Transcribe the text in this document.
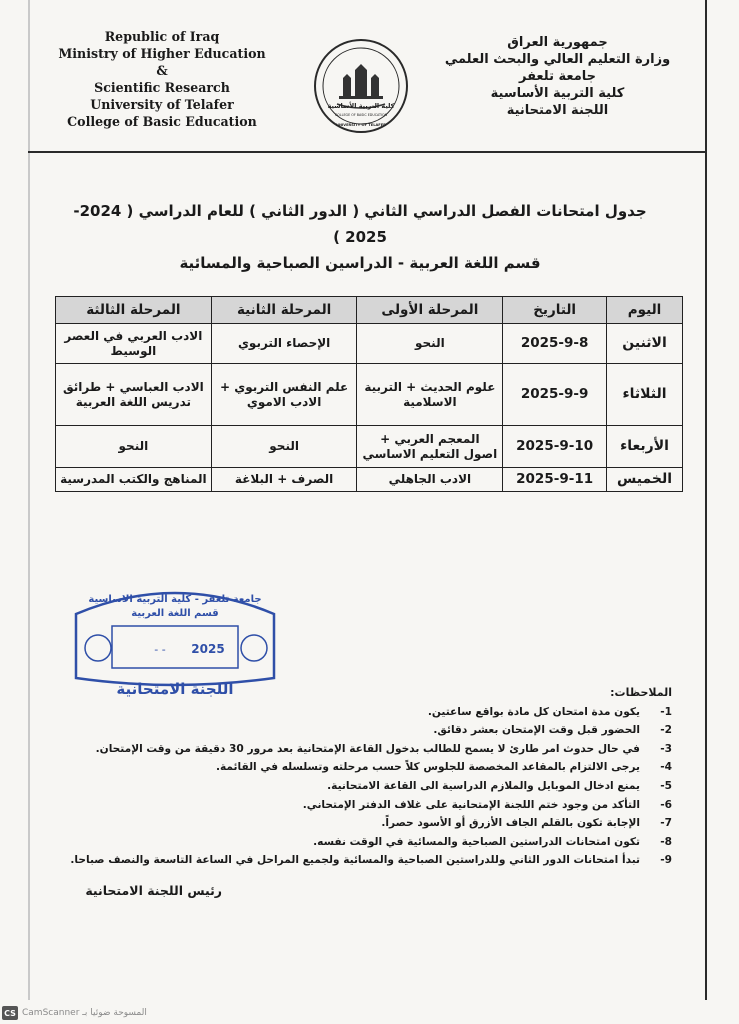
Republic of Iraq
Ministry of Higher Education &
Scientific Research
University of Telafer
College of Basic Education
كلية التربية الأساسية
COLLEGE OF BASIC EDUCATION
UNIVERSITY OF TELAFER
جمهورية العراق
وزارة التعليم العالي والبحث العلمي
جامعة تلعفر
كلية التربية الأساسية
اللجنة الامتحانية
جدول امتحانات الفصل الدراسي الثاني ( الدور الثاني ) للعام الدراسي ( 2024- 2025 )
قسم اللغة العربية - الدراسين الصباحية والمسائية
اليوم	التاريخ	المرحلة الأولى	المرحلة الثانية	المرحلة الثالثة
الاثنين	2025-9-8	النحو	الإحصاء التربوي	الادب العربي في العصر الوسيط
الثلاثاء	2025-9-9	علوم الحديث + التربية الاسلامية	علم النفس التربوي + الادب الاموي	الادب العباسي + طرائق تدريس اللغة العربية
الأربعاء	2025-9-10	المعجم العربي + اصول التعليم الاساسي	النحو	النحو
الخميس	2025-9-11	الادب الجاهلي	الصرف + البلاغة	المناهج والكتب المدرسية
جامعة تلعفر - كلية التربية الاساسية
قسم اللغة العربية
- - 2025
اللجنة الامتحانية	الملاحظات:
-1
يكون مدة امتحان كل مادة بواقع ساعتين.
-2
الحضور قبل وقت الإمتحان بعشر دقائق.
-3
في حال حدوث امر طارئ لا يسمح للطالب بدخول القاعة الإمتحانية بعد مرور 30 دقيقة من وقت الإمتحان.
-4
يرجى الالتزام بالمقاعد المخصصة للجلوس كلاً حسب مرحلته وتسلسله في القائمة.
-5
يمنع ادخال الموبايل والملازم الدراسية الى القاعة الامتحانية.
-6
التأكد من وجود ختم اللجنة الإمتحانية على غلاف الدفتر الإمتحاني.
-7
الإجابة تكون بالقلم الجاف الأزرق أو الأسود حصراً.
-8
تكون امتحانات الدراستين الصباحية والمسائية في الوقت نفسه.
-9
تبدأ امتحانات الدور الثاني وللدراستين الصباحية والمسائية ولجميع المراحل في الساعة التاسعة والنصف صباحا.
رئيس اللجنة الامتحانية
CS CamScanner المسوحة ضوئيا بـ
